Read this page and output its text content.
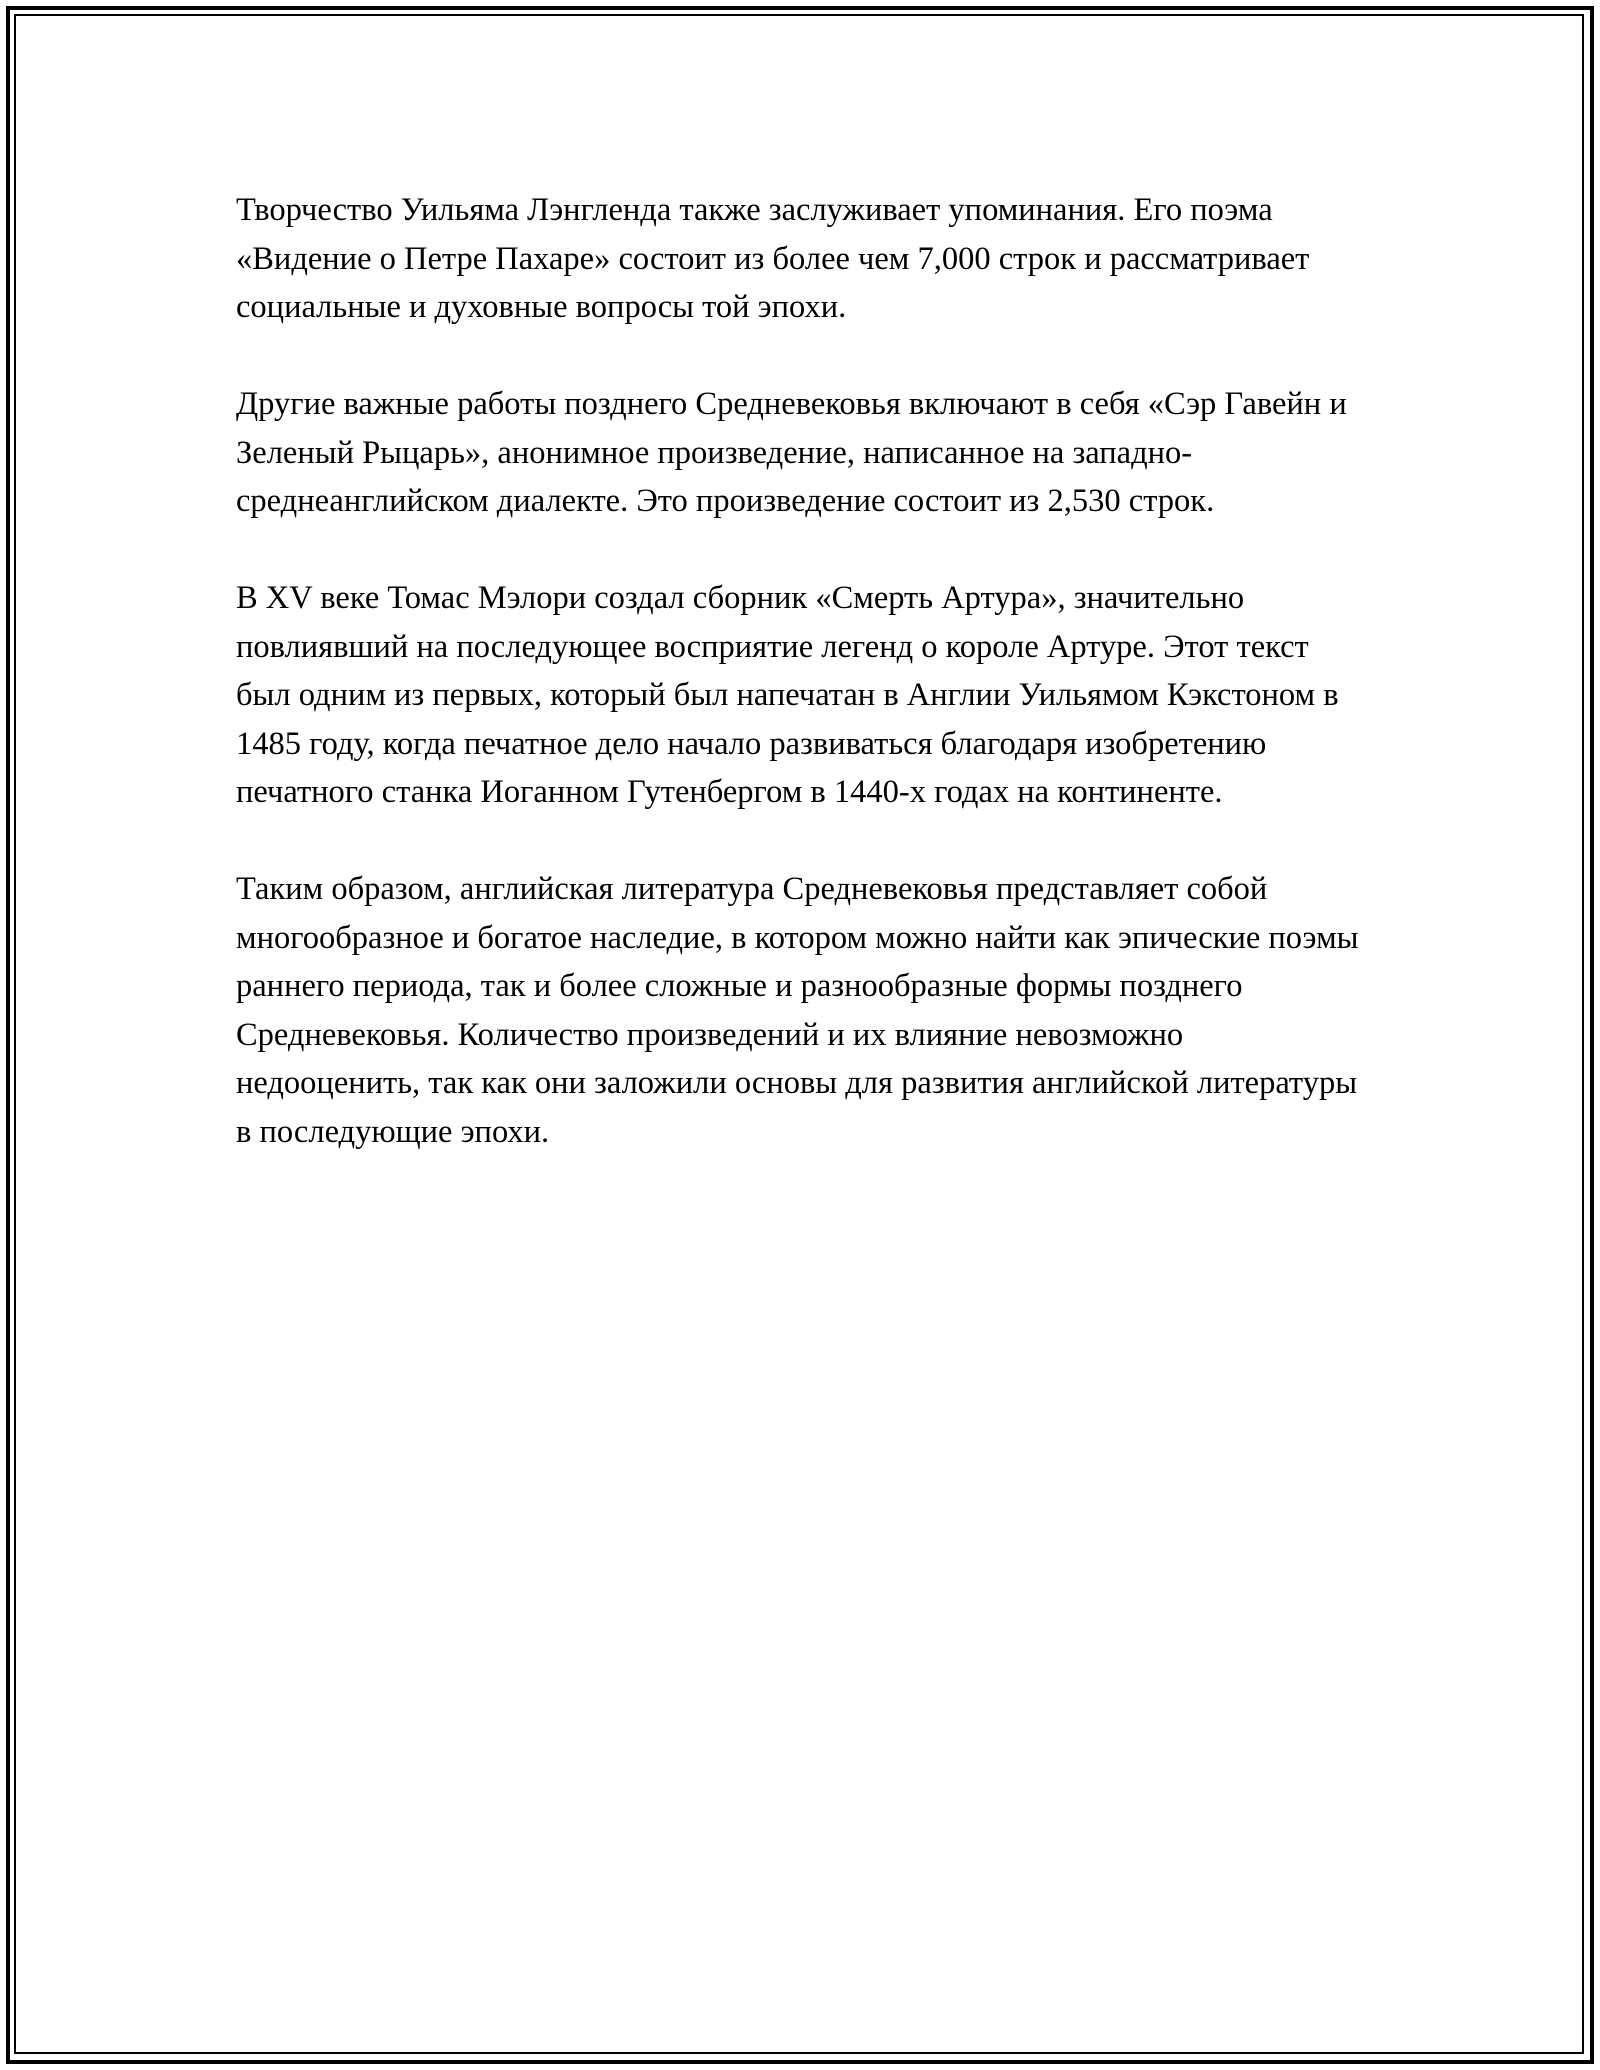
Творчество Уильяма Лэнгленда также заслуживает упоминания. Его поэма «Видение о Петре Пахаре» состоит из более чем 7,000 строк и рассматривает социальные и духовные вопросы той эпохи.

Другие важные работы позднего Средневековья включают в себя «Сэр Гавейн и Зеленый Рыцарь», анонимное произведение, написанное на западно-среднеанглийском диалекте. Это произведение состоит из 2,530 строк.

В XV веке Томас Мэлори создал сборник «Смерть Артура», значительно повлиявший на последующее восприятие легенд о короле Артуре. Этот текст был одним из первых, который был напечатан в Англии Уильямом Кэкстоном в 1485 году, когда печатное дело начало развиваться благодаря изобретению печатного станка Иоганном Гутенбергом в 1440-х годах на континенте.

Таким образом, английская литература Средневековья представляет собой многообразное и богатое наследие, в котором можно найти как эпические поэмы раннего периода, так и более сложные и разнообразные формы позднего Средневековья. Количество произведений и их влияние невозможно недооценить, так как они заложили основы для развития английской литературы в последующие эпохи.
